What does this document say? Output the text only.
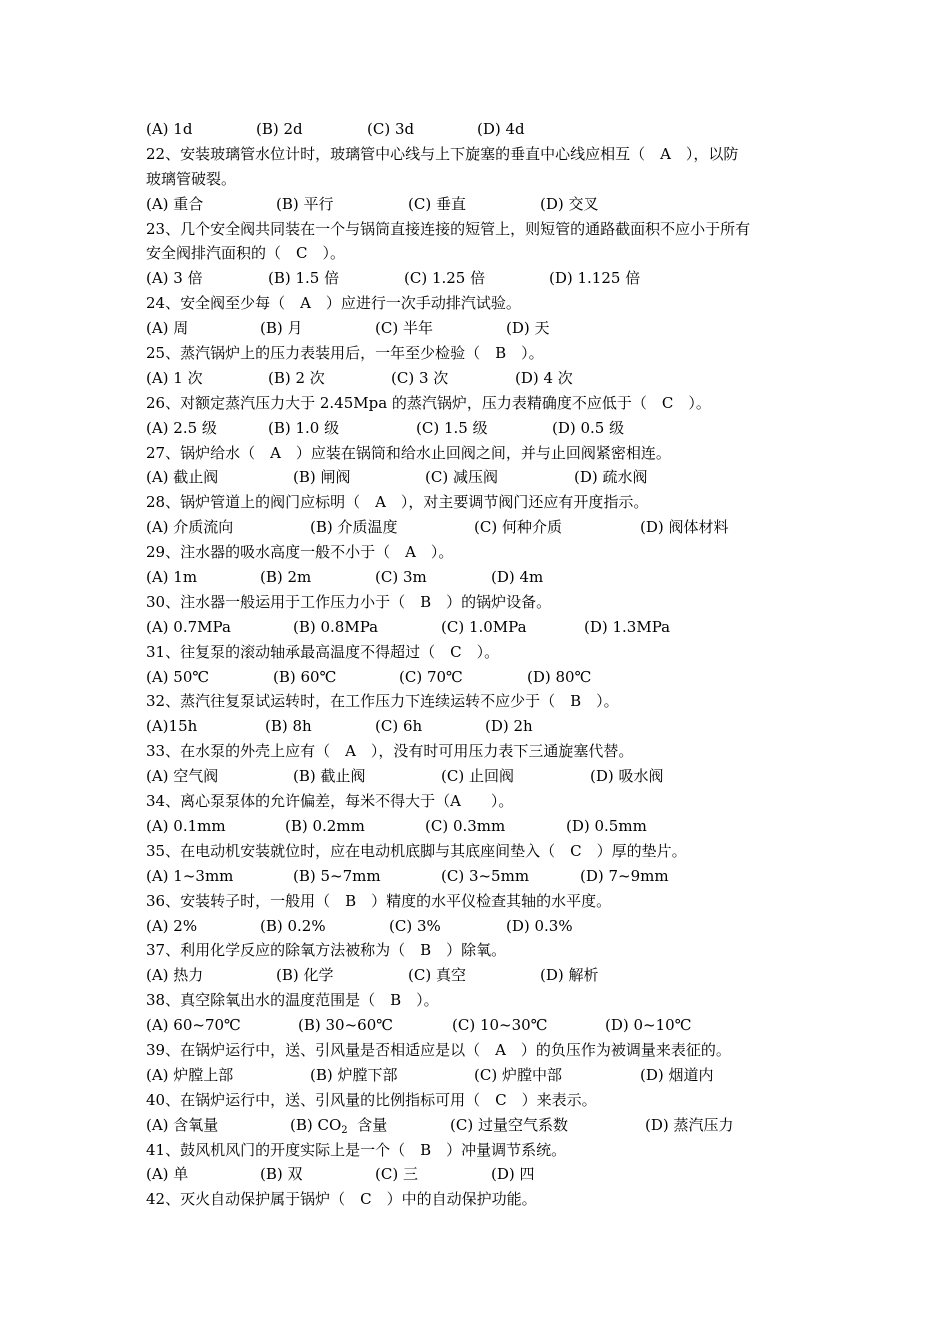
(A) 1d	(B) 2d	(C) 3d	(D) 4d
22、安装玻璃管水位计时，玻璃管中心线与上下旋塞的垂直中心线应相互（　A　），以防
玻璃管破裂。
(A) 重合	(B) 平行	(C) 垂直	(D) 交叉
23、几个安全阀共同装在一个与锅筒直接连接的短管上，则短管的通路截面积不应小于所有
安全阀排汽面积的（　C　）。
(A) 3 倍	(B) 1.5 倍	(C) 1.25 倍	(D) 1.125 倍
24、安全阀至少每（　A　）应进行一次手动排汽试验。
(A) 周	(B) 月	(C) 半年	(D) 天
25、蒸汽锅炉上的压力表装用后，一年至少检验（　B　）。
(A) 1 次	(B) 2 次	(C) 3 次	(D) 4 次
26、对额定蒸汽压力大于 2.45Mpa 的蒸汽锅炉，压力表精确度不应低于（　C　）。
(A) 2.5 级	(B) 1.0 级	(C) 1.5 级	(D) 0.5 级
27、锅炉给水（　A　）应装在锅筒和给水止回阀之间，并与止回阀紧密相连。
(A) 截止阀	(B) 闸阀	(C) 减压阀	(D) 疏水阀
28、锅炉管道上的阀门应标明（　A　），对主要调节阀门还应有开度指示。
(A) 介质流向	(B) 介质温度	(C) 何种介质	(D) 阀体材料
29、注水器的吸水高度一般不小于（　A　）。
(A) 1m	(B) 2m	(C) 3m	(D) 4m
30、注水器一般运用于工作压力小于（　B　）的锅炉设备。
(A) 0.7MPa	(B) 0.8MPa	(C) 1.0MPa	(D) 1.3MPa
31、往复泵的滚动轴承最高温度不得超过（　C　）。
(A) 50℃	(B) 60℃	(C) 70℃	(D) 80℃
32、蒸汽往复泵试运转时，在工作压力下连续运转不应少于（　B　）。
(A)15h	(B) 8h	(C) 6h	(D) 2h
33、在水泵的外壳上应有（　A　），没有时可用压力表下三通旋塞代替。
(A) 空气阀	(B) 截止阀	(C) 止回阀	(D) 吸水阀
34、离心泵泵体的允许偏差，每米不得大于（A　　）。
(A) 0.1mm	(B) 0.2mm	(C) 0.3mm	(D) 0.5mm
35、在电动机安装就位时，应在电动机底脚与其底座间垫入（　C　）厚的垫片。
(A) 1~3mm	(B) 5~7mm	(C) 3~5mm	(D) 7~9mm
36、安装转子时，一般用（　B　）精度的水平仪检查其轴的水平度。
(A) 2%	(B) 0.2%	(C) 3%	(D) 0.3%
37、利用化学反应的除氧方法被称为（　B　）除氧。
(A) 热力	(B) 化学	(C) 真空	(D) 解析
38、真空除氧出水的温度范围是（　B　）。
(A) 60~70℃	(B) 30~60℃	(C) 10~30℃	(D) 0~10℃
39、在锅炉运行中，送、引风量是否相适应是以（　A　）的负压作为被调量来表征的。
(A) 炉膛上部	(B) 炉膛下部	(C) 炉膛中部	(D) 烟道内
40、在锅炉运行中，送、引风量的比例指标可用（　C　）来表示。
(A) 含氧量	(B) $CO_2$  含量	(C) 过量空气系数	(D) 蒸汽压力
41、鼓风机风门的开度实际上是一个（　B　）冲量调节系统。
(A) 单	(B) 双	(C) 三	(D) 四
42、灭火自动保护属于锅炉（　C　）中的自动保护功能。
